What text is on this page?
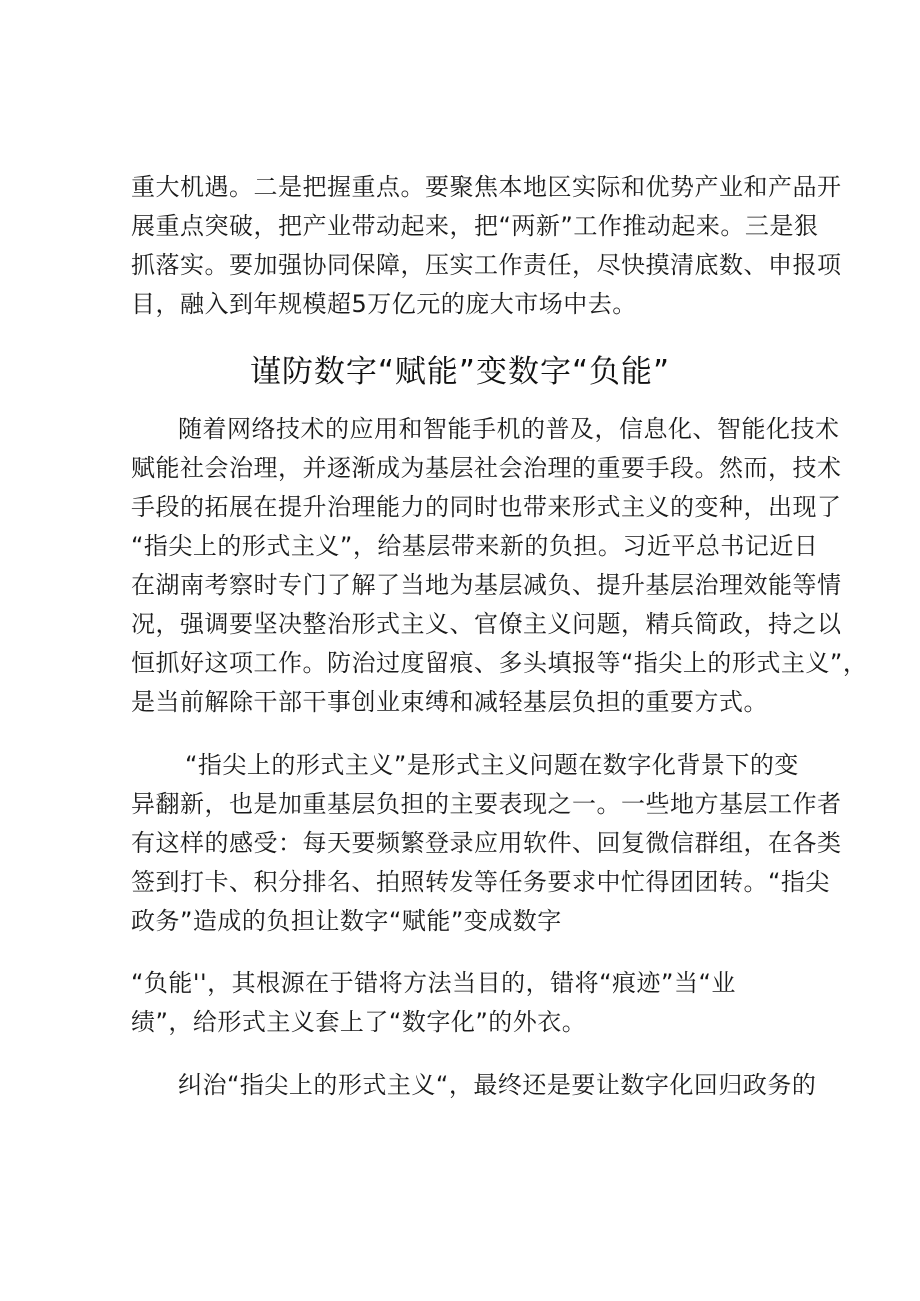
重大机遇。二是把握重点。要聚焦本地区实际和优势产业和产品开
展重点突破，把产业带动起来，把“两新”工作推动起来。三是狠
抓落实。要加强协同保障，压实工作责任，尽快摸清底数、申报项
目，融入到年规模超5万亿元的庞大市场中去。
谨防数字“赋能”变数字“负能”
随着网络技术的应用和智能手机的普及，信息化、智能化技术
赋能社会治理，并逐渐成为基层社会治理的重要手段。然而，技术
手段的拓展在提升治理能力的同时也带来形式主义的变种，出现了
“指尖上的形式主义”，给基层带来新的负担。习近平总书记近日
在湖南考察时专门了解了当地为基层减负、提升基层治理效能等情
况，强调要坚决整治形式主义、官僚主义问题，精兵简政，持之以
恒抓好这项工作。防治过度留痕、多头填报等“指尖上的形式主义”，
是当前解除干部干事创业束缚和减轻基层负担的重要方式。
“指尖上的形式主义”是形式主义问题在数字化背景下的变
异翻新，也是加重基层负担的主要表现之一。一些地方基层工作者
有这样的感受：每天要频繁登录应用软件、回复微信群组，在各类
签到打卡、积分排名、拍照转发等任务要求中忙得团团转。“指尖
政务”造成的负担让数字“赋能”变成数字
“负能''，其根源在于错将方法当目的，错将“痕迹”当“业
绩”，给形式主义套上了“数字化”的外衣。
纠治“指尖上的形式主义“，最终还是要让数字化回归政务的
